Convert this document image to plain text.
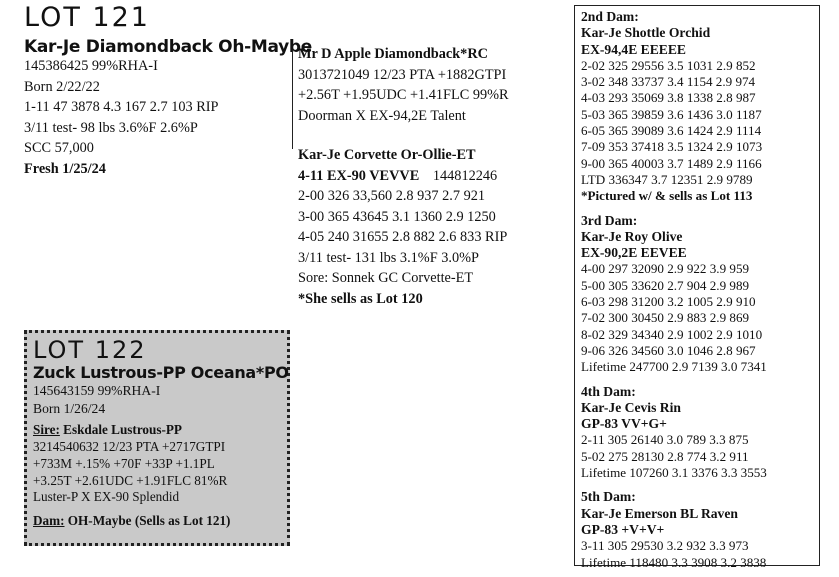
LOT 121
Kar-Je Diamondback Oh-Maybe
145386425 99%RHA-I
Born 2/22/22
1-11 47 3878 4.3 167 2.7 103 RIP
3/11 test- 98 lbs 3.6%F 2.6%P
SCC 57,000
Fresh 1/25/24
Mr D Apple Diamondback*RC
3013721049 12/23 PTA +1882GTPI
+2.56T +1.95UDC +1.41FLC 99%R
Doorman X EX-94,2E Talent
Kar-Je Corvette Or-Ollie-ET
4-11 EX-90 VEVVE 144812246
2-00 326 33,560 2.8 937 2.7 921
3-00 365 43645 3.1 1360 2.9 1250
4-05 240 31655 2.8 882 2.6 833 RIP
3/11 test- 131 lbs 3.1%F 3.0%P
Sore: Sonnek GC Corvette-ET
*She sells as Lot 120
LOT 122
Zuck Lustrous-PP Oceana*PO
145643159 99%RHA-I
Born 1/26/24
Sire: Eskdale Lustrous-PP
3214540632 12/23 PTA +2717GTPI
+733M +.15% +70F +33P +1.1PL
+3.25T +2.61UDC +1.91FLC 81%R
Luster-P X EX-90 Splendid
Dam: OH-Maybe (Sells as Lot 121)
2nd Dam:
Kar-Je Shottle Orchid
EX-94,4E EEEEE
2-02 325 29556 3.5 1031 2.9 852
3-02 348 33737 3.4 1154 2.9 974
4-03 293 35069 3.8 1338 2.8 987
5-03 365 39859 3.6 1436 3.0 1187
6-05 365 39089 3.6 1424 2.9 1114
7-09 353 37418 3.5 1324 2.9 1073
9-00 365 40003 3.7 1489 2.9 1166
LTD 336347 3.7 12351 2.9 9789
*Pictured w/ & sells as Lot 113
3rd Dam:
Kar-Je Roy Olive
EX-90,2E EEVEE
4-00 297 32090 2.9 922 3.9 959
5-00 305 33620 2.7 904 2.9 989
6-03 298 31200 3.2 1005 2.9 910
7-02 300 30450 2.9 883 2.9 869
8-02 329 34340 2.9 1002 2.9 1010
9-06 326 34560 3.0 1046 2.8 967
Lifetime 247700 2.9 7139 3.0 7341
4th Dam:
Kar-Je Cevis Rin
GP-83 VV+G+
2-11 305 26140 3.0 789 3.3 875
5-02 275 28130 2.8 774 3.2 911
Lifetime 107260 3.1 3376 3.3 3553
5th Dam:
Kar-Je Emerson BL Raven
GP-83 +V+V+
3-11 305 29530 3.2 932 3.3 973
Lifetime 118480 3.3 3908 3.2 3838
